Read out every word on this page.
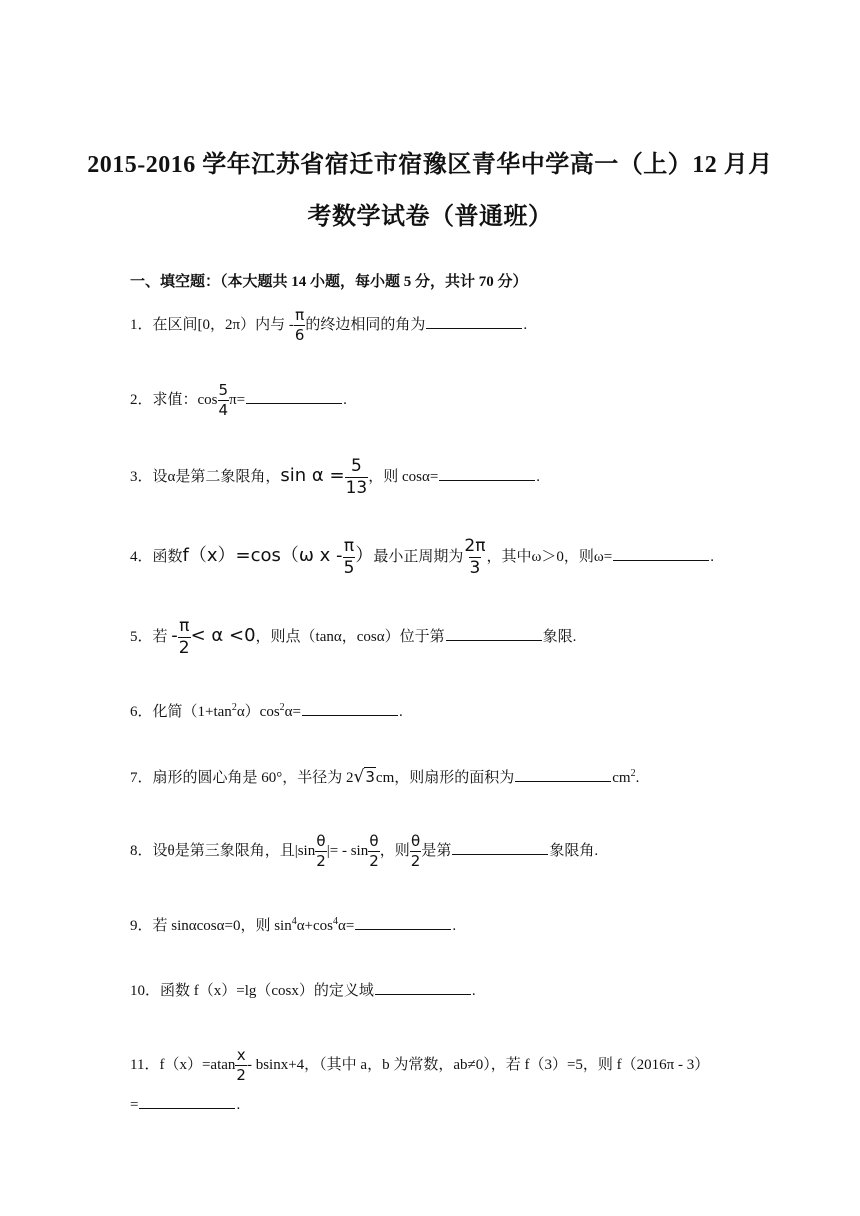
2015-2016 学年江苏省宿迁市宿豫区青华中学高一（上）12 月月
考数学试卷（普通班）
一、填空题：（本大题共 14 小题，每小题 5 分，共计 70 分）
1．在区间[0，2π）内与 - $\frac{\pi}{6}$ 的终边相同的角为	.
2．求值：$\cos \frac{5}{4} \pi=$	.
3．设α是第二象限角，$\sin \alpha = \frac{5}{13}$ ，则 cosα=	.
4．函数f（x）=cos（ω x - $\frac{\pi}{5}$ ）最小正周期为 $\frac{2\pi}{3}$ ，其中ω＞0，则ω=	.
5．若 - $\frac{\pi}{2} < \alpha <0$，则点（tanα，cosα）位于第	象限.
6．化简$(1+\tan^2\alpha)\cos^2\alpha=$	.
7．扇形的圆心角是 60°，半径为 2√3cm，则扇形的面积为	$cm^2$.
8．设θ是第三象限角，且$|\sin \frac{\theta}{2}$ |= - $\sin \frac{\theta}{2}$ ，则 $\frac{\theta}{2}$ 是第	象限角.
9．若 sinαcosα=0，则 $\sin^4\alpha+\cos^4\alpha=$	.
10．函数 f（x）=lg（cosx）的定义域	.
11．$f(x)=atan \frac{x}{2} - bsinx+4$，（其中 a，b 为常数，ab≠0），若 f（3）=5，则 f（2016π - 3）
=	.
